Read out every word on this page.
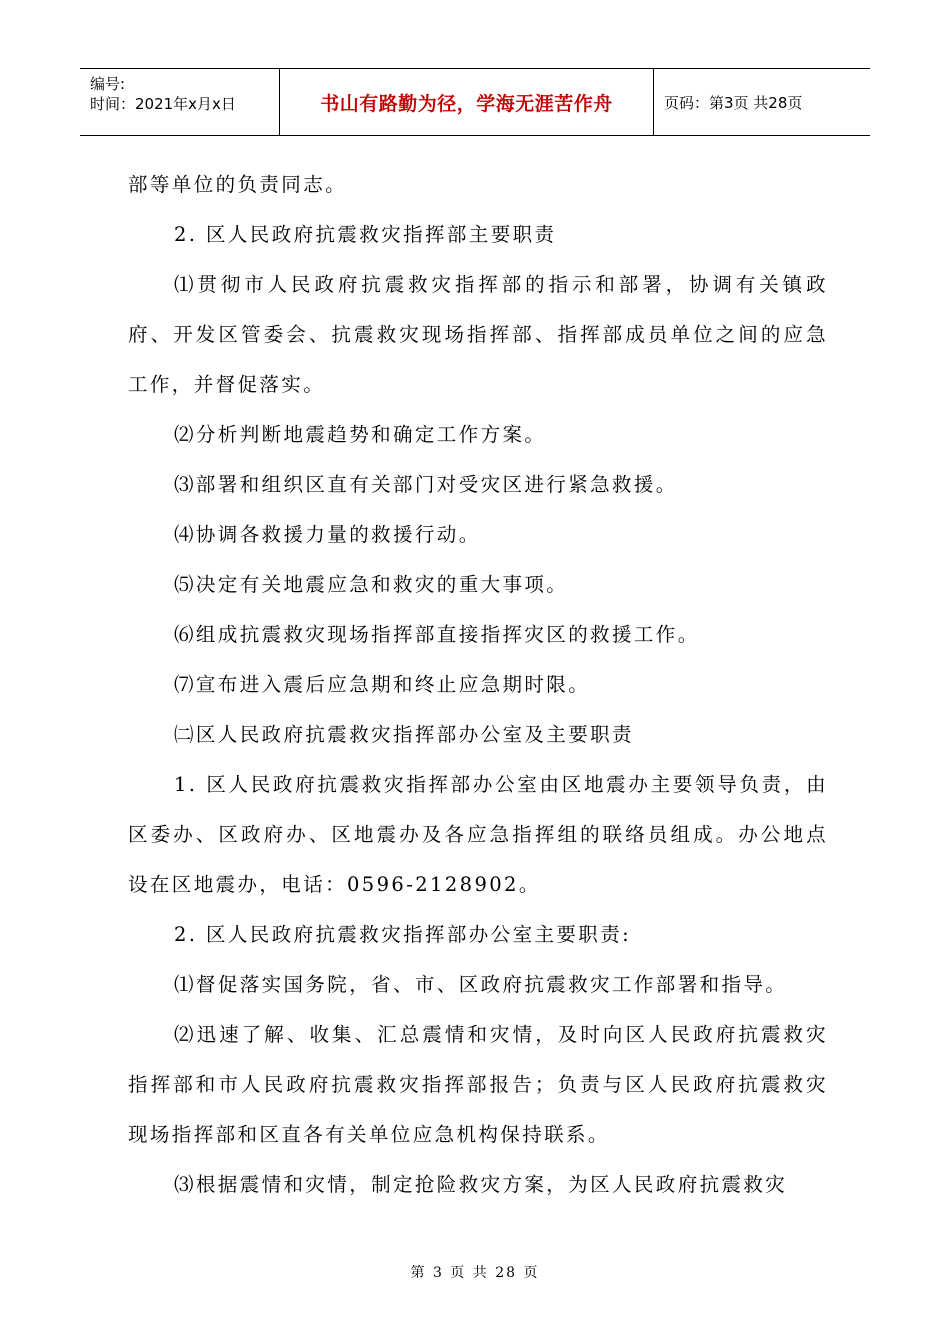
编号:
时间：2021年x月x日	书山有路勤为径，学海无涯苦作舟	页码：第3页 共28页

部等单位的负责同志。

2. 区人民政府抗震救灾指挥部主要职责

⑴贯彻市人民政府抗震救灾指挥部的指示和部署，协调有关镇政府、开发区管委会、抗震救灾现场指挥部、指挥部成员单位之间的应急工作，并督促落实。

⑵分析判断地震趋势和确定工作方案。

⑶部署和组织区直有关部门对受灾区进行紧急救援。

⑷协调各救援力量的救援行动。

⑸决定有关地震应急和救灾的重大事项。

⑹组成抗震救灾现场指挥部直接指挥灾区的救援工作。

⑺宣布进入震后应急期和终止应急期时限。

㈡区人民政府抗震救灾指挥部办公室及主要职责

1. 区人民政府抗震救灾指挥部办公室由区地震办主要领导负责，由区委办、区政府办、区地震办及各应急指挥组的联络员组成。办公地点设在区地震办，电话：0596-2128902。

2. 区人民政府抗震救灾指挥部办公室主要职责:

⑴督促落实国务院，省、市、区政府抗震救灾工作部署和指导。

⑵迅速了解、收集、汇总震情和灾情，及时向区人民政府抗震救灾指挥部和市人民政府抗震救灾指挥部报告；负责与区人民政府抗震救灾现场指挥部和区直各有关单位应急机构保持联系。

⑶根据震情和灾情，制定抢险救灾方案，为区人民政府抗震救灾

第 3 页 共 28 页
